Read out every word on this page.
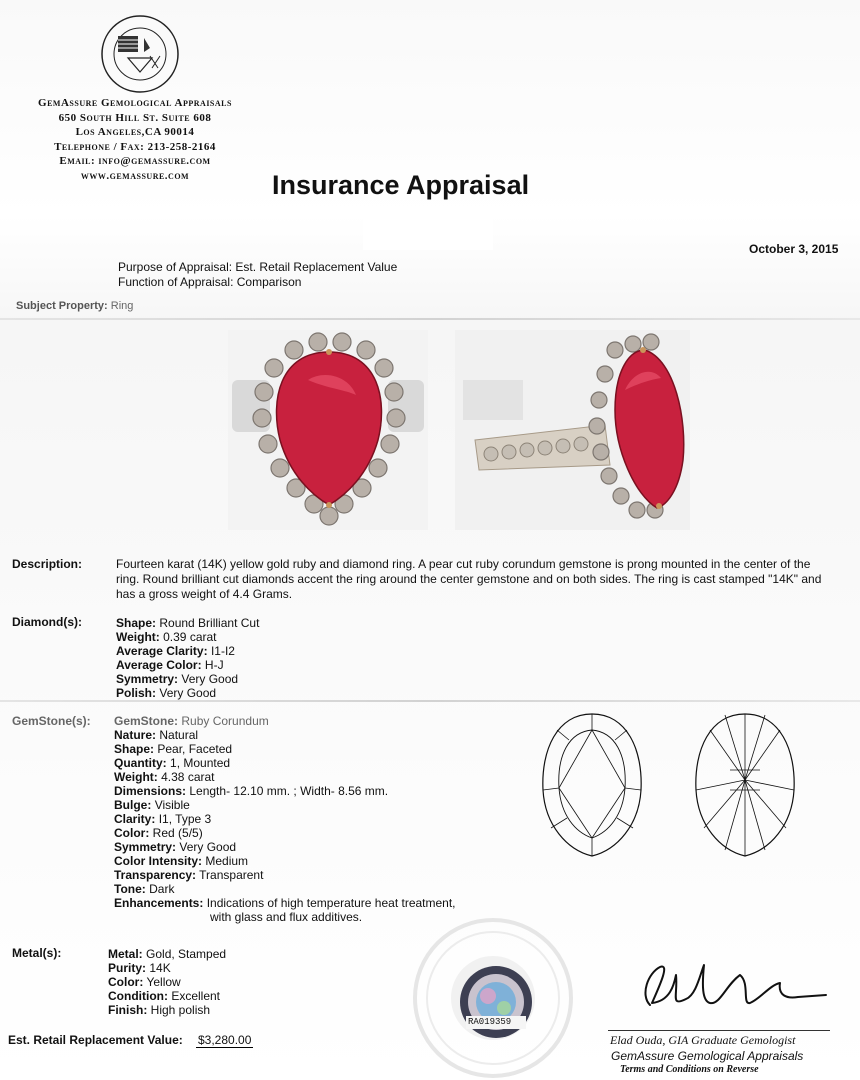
GemAssure Gemological Appraisals
650 South Hill St. Suite 608
Los Angeles,CA 90014
Telephone / Fax: 213-258-2164
Email: info@gemassure.com
www.gemassure.com	Insurance Appraisal
October 3, 2015
Purpose of Appraisal: Est. Retail Replacement Value
Function of Appraisal: Comparison
Subject Property: Ring
Description:	Fourteen karat (14K) yellow gold ruby and diamond ring. A pear cut ruby corundum gemstone is prong mounted in the center of the ring. Round brilliant cut diamonds accent the ring around the center gemstone and on both sides. The ring is cast stamped "14K" and has a gross weight of 4.4 Grams.
Diamond(s):	Shape: Round Brilliant Cut
Weight: 0.39 carat
Average Clarity: I1-I2
Average Color: H-J
Symmetry: Very Good
Polish: Very Good
GemStone(s): GemStone: Ruby Corundum
Nature: Natural
Shape: Pear, Faceted
Quantity: 1, Mounted
Weight: 4.38 carat
Dimensions: Length- 12.10 mm. ; Width- 8.56 mm.
Bulge: Visible
Clarity: I1, Type 3
Color: Red (5/5)
Symmetry: Very Good
Color Intensity: Medium
Transparency: Transparent
Tone: Dark
Enhancements: Indications of high temperature heat treatment,
with glass and flux additives.
Metal(s):	Metal: Gold, Stamped
Purity: 14K
Color: Yellow
Condition: Excellent
Finish: High polish
Est. Retail Replacement Value: $3,280.00
RA019359
Elad Ouda, GIA Graduate Gemologist
GemAssure Gemological Appraisals
Terms and Conditions on Reverse
